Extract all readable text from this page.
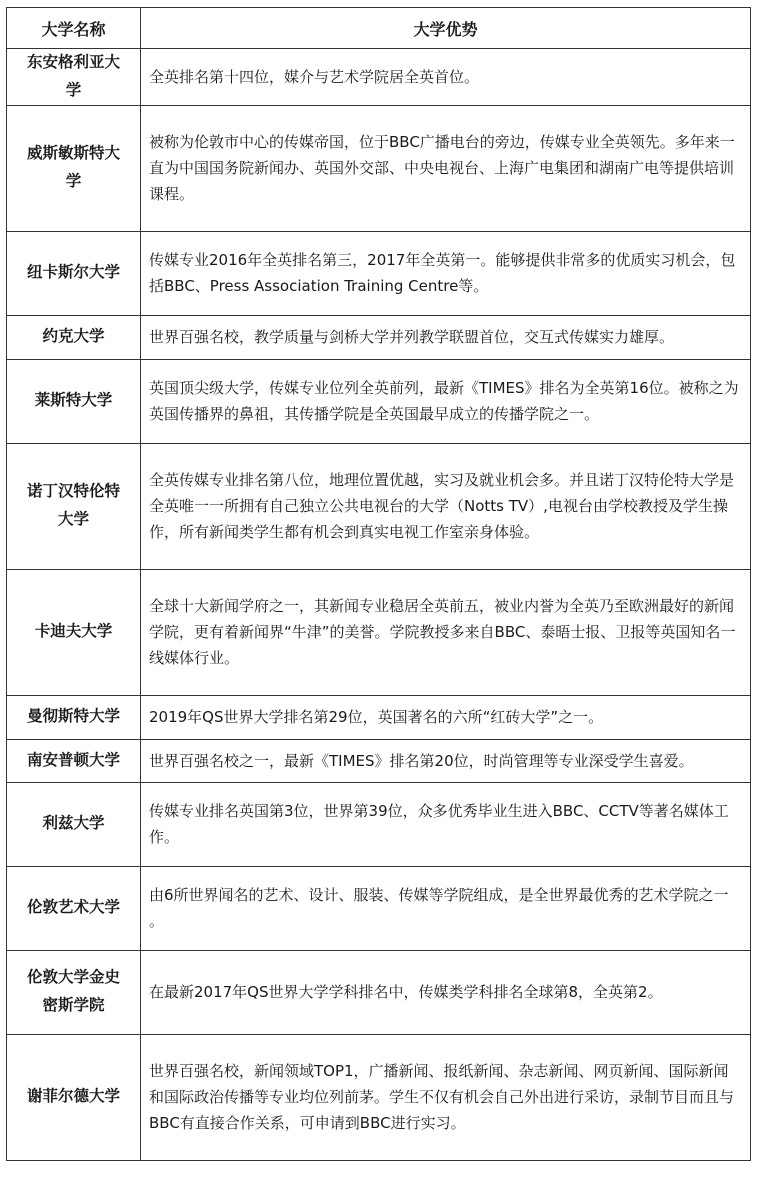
大学名称	大学优势
东安格利亚大学	全英排名第十四位，媒介与艺术学院居全英首位。
威斯敏斯特大学	被称为伦敦市中心的传媒帝国，位于BBC广播电台的旁边，传媒专业全英领先。多年来一直为中国国务院新闻办、英国外交部、中央电视台、上海广电集团和湖南广电等提供培训课程。
纽卡斯尔大学	传媒专业2016年全英排名第三，2017年全英第一。能够提供非常多的优质实习机会，包括BBC、Press Association Training Centre等。
约克大学	世界百强名校，教学质量与剑桥大学并列教学联盟首位，交互式传媒实力雄厚。
莱斯特大学	英国顶尖级大学，传媒专业位列全英前列，最新《TIMES》排名为全英第16位。被称之为英国传播界的鼻祖，其传播学院是全英国最早成立的传播学院之一。
诺丁汉特伦特大学	全英传媒专业排名第八位，地理位置优越，实习及就业机会多。并且诺丁汉特伦特大学是全英唯一一所拥有自己独立公共电视台的大学（Notts TV）,电视台由学校教授及学生操作，所有新闻类学生都有机会到真实电视工作室亲身体验。
卡迪夫大学	全球十大新闻学府之一，其新闻专业稳居全英前五，被业内誉为全英乃至欧洲最好的新闻学院，更有着新闻界“牛津”的美誉。学院教授多来自BBC、泰晤士报、卫报等英国知名一线媒体行业。
曼彻斯特大学	2019年QS世界大学排名第29位，英国著名的六所“红砖大学”之一。
南安普顿大学	世界百强名校之一，最新《TIMES》排名第20位，时尚管理等专业深受学生喜爱。
利兹大学	传媒专业排名英国第3位，世界第39位，众多优秀毕业生进入BBC、CCTV等著名媒体工作。
伦敦艺术大学	由6所世界闻名的艺术、设计、服装、传媒等学院组成，是全世界最优秀的艺术学院之一 。
伦敦大学金史密斯学院	在最新2017年QS世界大学学科排名中，传媒类学科排名全球第8，全英第2。
谢菲尔德大学	世界百强名校，新闻领域TOP1，广播新闻、报纸新闻、杂志新闻、网页新闻、国际新闻和国际政治传播等专业均位列前茅。学生不仅有机会自己外出进行采访，录制节目而且与BBC有直接合作关系，可申请到BBC进行实习。
